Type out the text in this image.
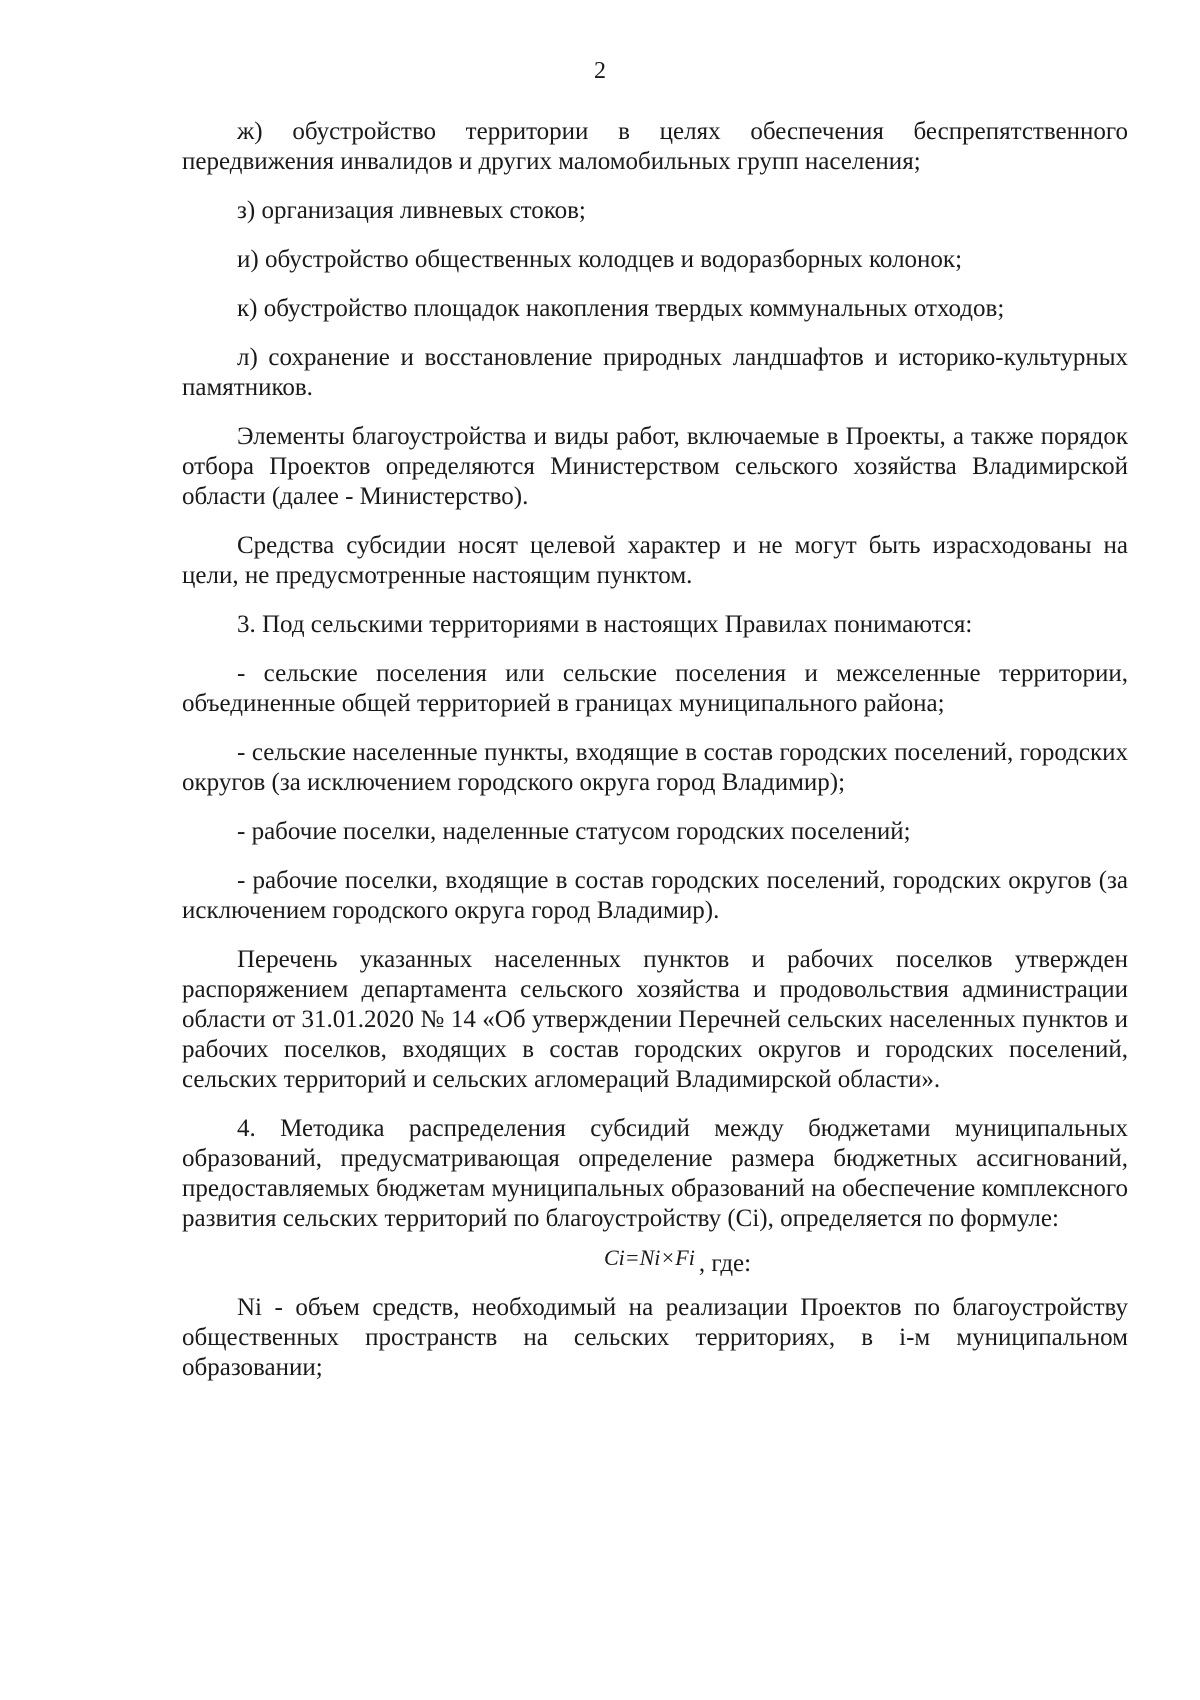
2

ж) обустройство территории в целях обеспечения беспрепятственного передвижения инвалидов и других маломобильных групп населения;

з) организация ливневых стоков;

и) обустройство общественных колодцев и водоразборных колонок;

к) обустройство площадок накопления твердых коммунальных отходов;

л) сохранение и восстановление природных ландшафтов и историко-культурных памятников.

Элементы благоустройства и виды работ, включаемые в Проекты, а также порядок отбора Проектов определяются Министерством сельского хозяйства Владимирской области (далее - Министерство).

Средства субсидии носят целевой характер и не могут быть израсходованы на цели, не предусмотренные настоящим пунктом.

3. Под сельскими территориями в настоящих Правилах понимаются:

- сельские поселения или сельские поселения и межселенные территории, объединенные общей территорией в границах муниципального района;

- сельские населенные пункты, входящие в состав городских поселений, городских округов (за исключением городского округа город Владимир);

- рабочие поселки, наделенные статусом городских поселений;

- рабочие поселки, входящие в состав городских поселений, городских округов (за исключением городского округа город Владимир).

Перечень указанных населенных пунктов и рабочих поселков утвержден распоряжением департамента сельского хозяйства и продовольствия администрации области от 31.01.2020 № 14 «Об утверждении Перечней сельских населенных пунктов и рабочих поселков, входящих в состав городских округов и городских поселений, сельских территорий и сельских агломераций Владимирской области».

4. Методика распределения субсидий между бюджетами муниципальных образований, предусматривающая определение размера бюджетных ассигнований, предоставляемых бюджетам муниципальных образований на обеспечение комплексного развития сельских территорий по благоустройству (Ci), определяется по формуле:

Ci=Ni×Fi , где:

Ni - объем средств, необходимый на реализации Проектов по благоустройству общественных пространств на сельских территориях, в i-м муниципальном образовании;
